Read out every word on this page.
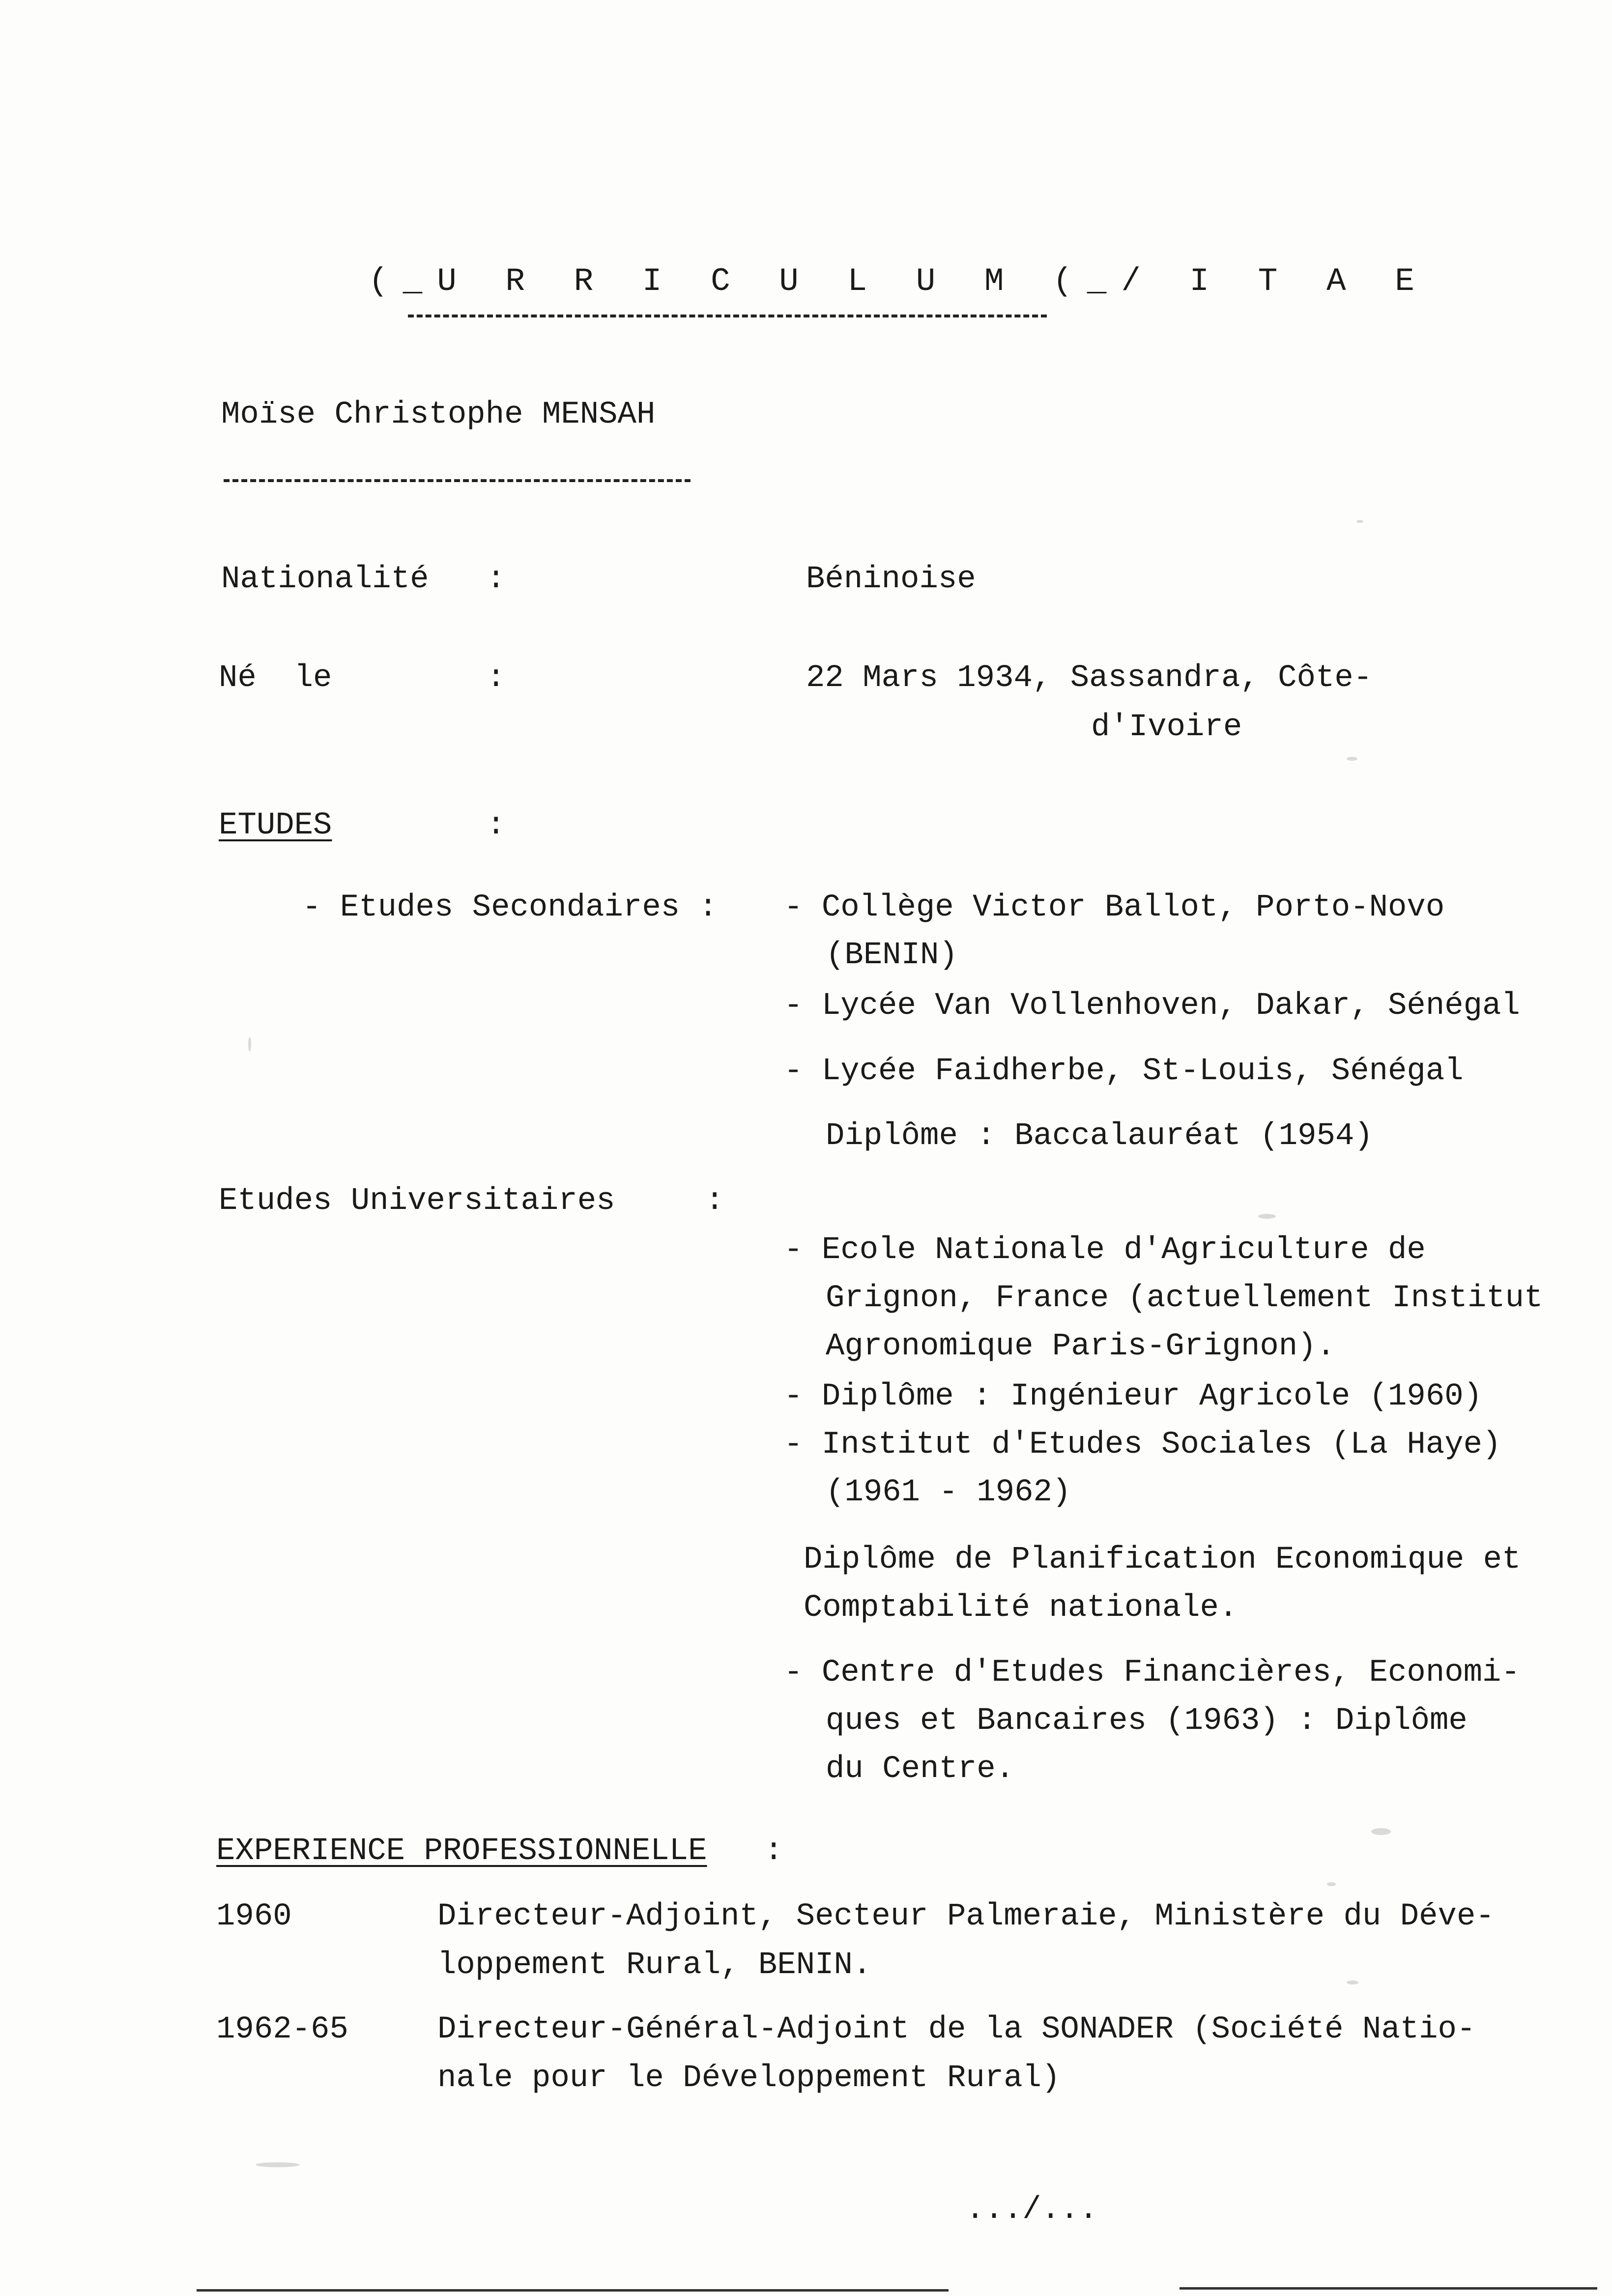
(_U R R I C U L U M (_/ I T A E
Moïse Christophe MENSAH
Nationalité :	Béninoise
Né  le	:	22 Mars 1934, Sassandra, Côte-
d'Ivoire
ETUDES	:
- Etudes Secondaires : - Collège Victor Ballot, Porto-Novo
(BENIN)
- Lycée Van Vollenhoven, Dakar, Sénégal
- Lycée Faidherbe, St-Louis, Sénégal
Diplôme : Baccalauréat (1954)
Etudes Universitaires	:
- Ecole Nationale d'Agriculture de
Grignon, France (actuellement Institut
Agronomique Paris-Grignon).
- Diplôme : Ingénieur Agricole (1960)
- Institut d'Etudes Sociales (La Haye)
(1961 - 1962)
Diplôme de Planification Economique et
Comptabilité nationale.
- Centre d'Etudes Financières, Economi-
ques et Bancaires (1963) : Diplôme
du Centre.
EXPERIENCE PROFESSIONNELLE :
1960	Directeur-Adjoint, Secteur Palmeraie, Ministère du Déve-
loppement Rural, BENIN.
1962-65	Directeur-Général-Adjoint de la SONADER (Société Natio-
nale pour le Développement Rural)
.../...
